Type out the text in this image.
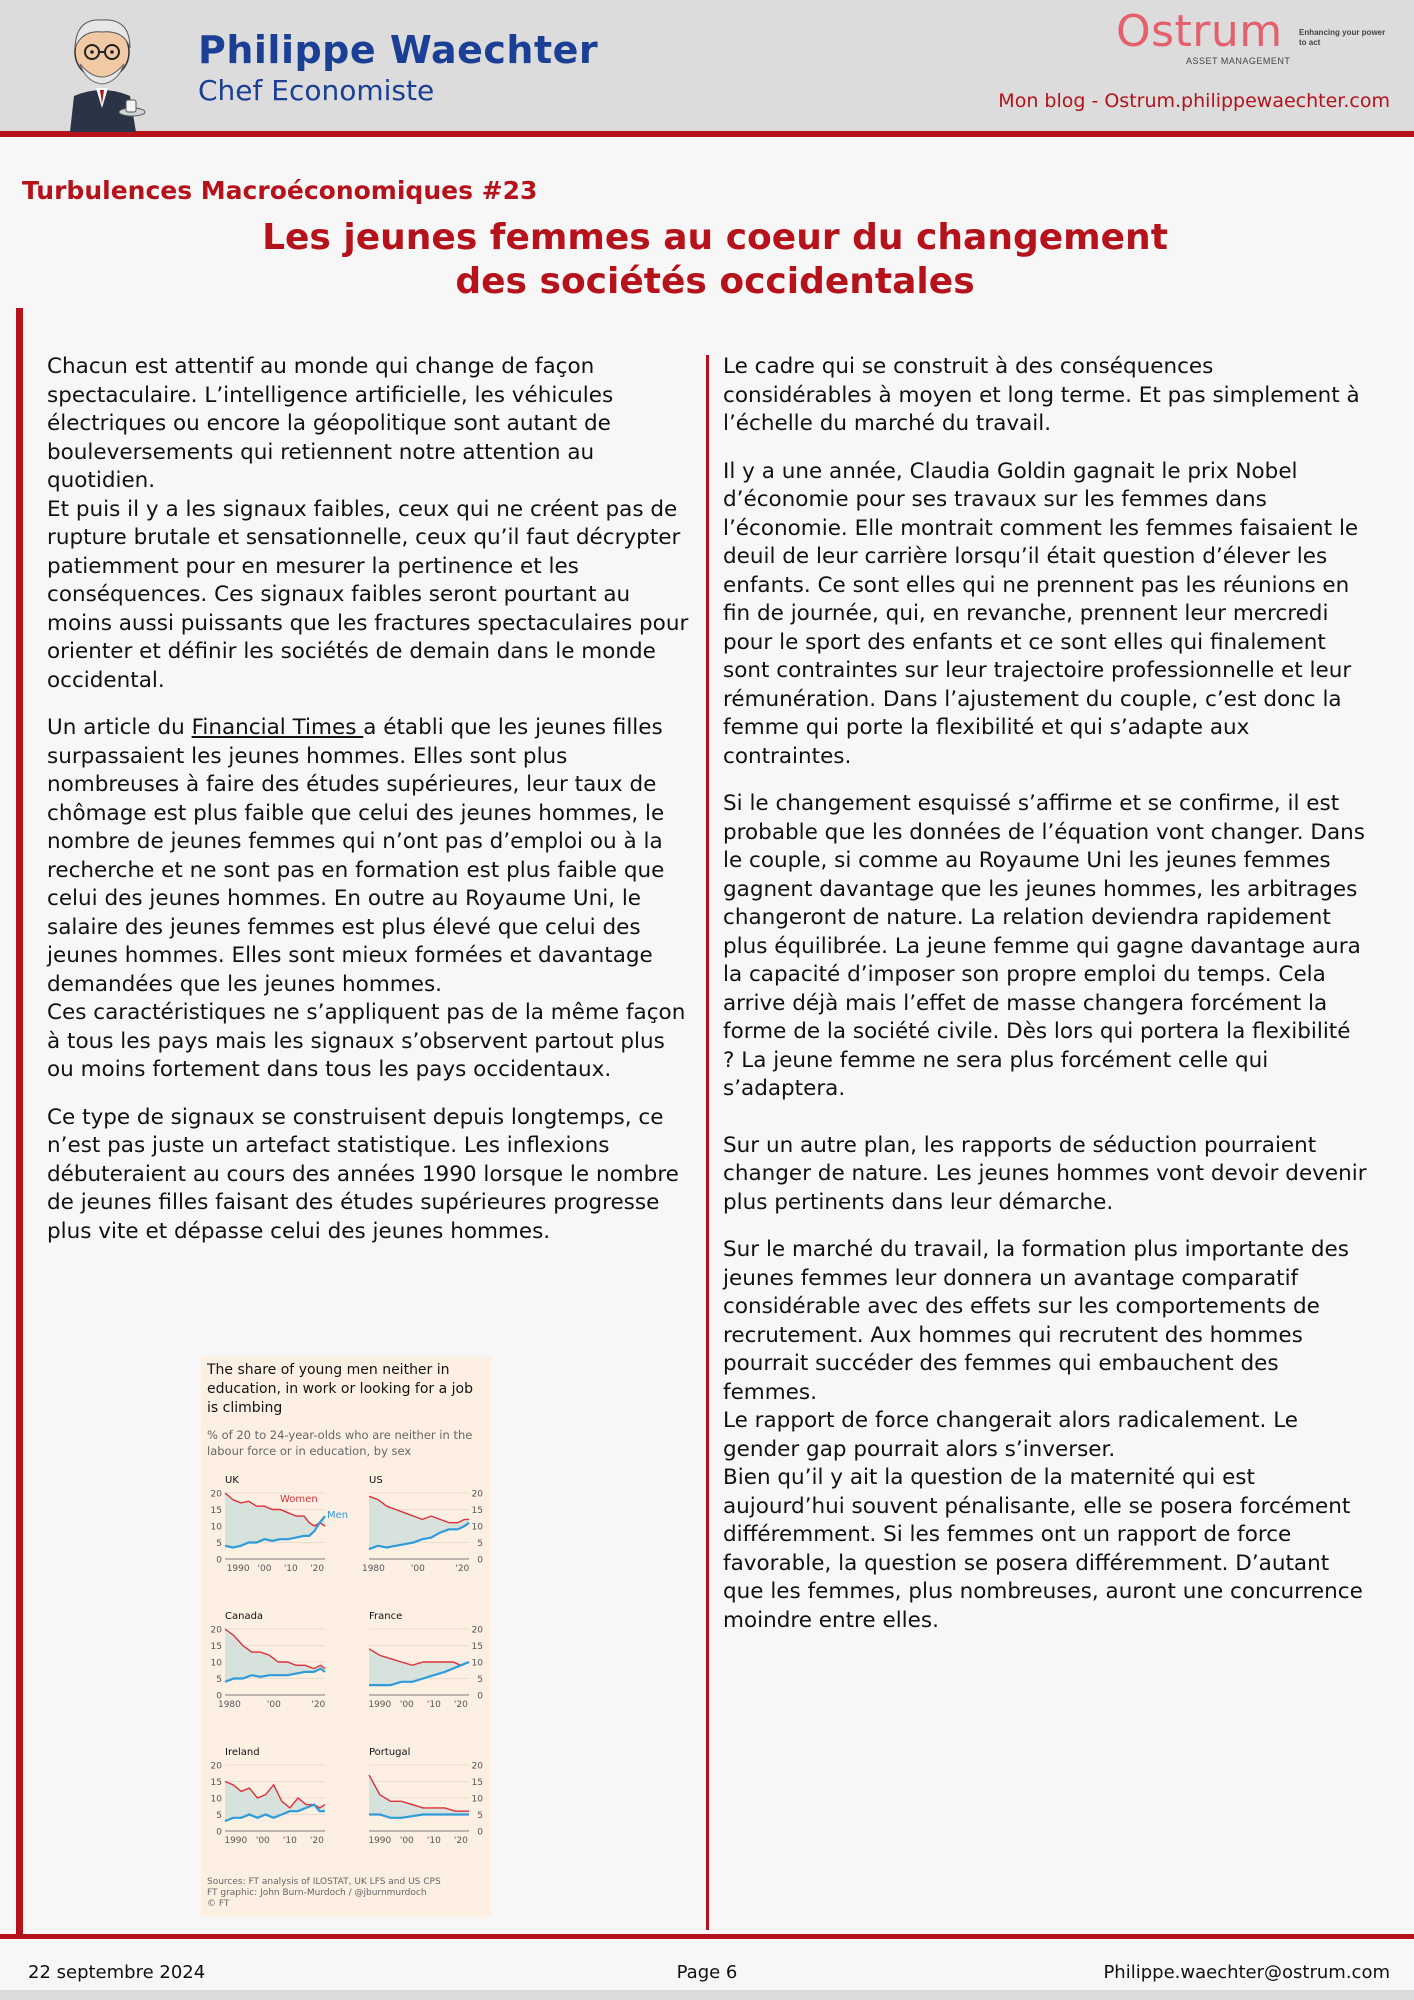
Philippe Waechter
Chef Economiste
Ostrum
ASSET MANAGEMENT
Enhancing your power to act
Mon blog - Ostrum.philippewaechter.com
Turbulences Macroéconomiques #23
Les jeunes femmes au coeur du changement
des sociétés occidentales

Chacun est attentif au monde qui change de façon spectaculaire. L’intelligence artificielle, les véhicules électriques ou encore la géopolitique sont autant de bouleversements qui retiennent notre attention au quotidien.

Et puis il y a les signaux faibles, ceux qui ne créent pas de rupture brutale et sensationnelle, ceux qu’il faut décrypter patiemment pour en mesurer la pertinence et les conséquences. Ces signaux faibles seront pourtant au moins aussi puissants que les fractures spectaculaires pour orienter et définir les sociétés de demain dans le monde occidental.

Un article du Financial Times a établi que les jeunes filles surpassaient les jeunes hommes. Elles sont plus nombreuses à faire des études supérieures, leur taux de chômage est plus faible que celui des jeunes hommes, le nombre de jeunes femmes qui n’ont pas d’emploi ou à la recherche et ne sont pas en formation est plus faible que celui des jeunes hommes. En outre au Royaume Uni, le salaire des jeunes femmes est plus élevé que celui des jeunes hommes. Elles sont mieux formées et davantage demandées que les jeunes hommes.

Ces caractéristiques ne s’appliquent pas de la même façon à tous les pays mais les signaux s’observent partout plus ou moins fortement dans tous les pays occidentaux.

Ce type de signaux se construisent depuis longtemps, ce n’est pas juste un artefact statistique. Les inflexions débuteraient au cours des années 1990 lorsque le nombre de jeunes filles faisant des études supérieures progresse plus vite et dépasse celui des jeunes hommes.

Le cadre qui se construit à des conséquences considérables à moyen et long terme. Et pas simplement à l’échelle du marché du travail.

Il y a une année, Claudia Goldin gagnait le prix Nobel d’économie pour ses travaux sur les femmes dans l’économie. Elle montrait comment les femmes faisaient le deuil de leur carrière lorsqu’il était question d’élever les enfants. Ce sont elles qui ne prennent pas les réunions en fin de journée, qui, en revanche, prennent leur mercredi pour le sport des enfants et ce sont elles qui finalement sont contraintes sur leur trajectoire professionnelle et leur rémunération. Dans l’ajustement du couple, c’est donc la femme qui porte la flexibilité et qui s’adapte aux contraintes.

Si le changement esquissé s’affirme et se confirme, il est probable que les données de l’équation vont changer. Dans le couple, si comme au Royaume Uni les jeunes femmes gagnent davantage que les jeunes hommes, les arbitrages changeront de nature. La relation deviendra rapidement plus équilibrée. La jeune femme qui gagne davantage aura la capacité d’imposer son propre emploi du temps. Cela arrive déjà mais l’effet de masse changera forcément la forme de la société civile. Dès lors qui portera la flexibilité ? La jeune femme ne sera plus forcément celle qui s’adaptera.

Sur un autre plan, les rapports de séduction pourraient changer de nature. Les jeunes hommes vont devoir devenir plus pertinents dans leur démarche.

Sur le marché du travail, la formation plus importante des jeunes femmes leur donnera un avantage comparatif considérable avec des effets sur les comportements de recrutement. Aux hommes qui recrutent des hommes pourrait succéder des femmes qui embauchent des femmes.

Le rapport de force changerait alors radicalement. Le gender gap pourrait alors s’inverser.

Bien qu’il y ait la question de la maternité qui est aujourd’hui souvent pénalisante, elle se posera forcément différemment. Si les femmes ont un rapport de force favorable, la question se posera différemment. D’autant que les femmes, plus nombreuses, auront une concurrence moindre entre elles.

The share of young men neither in education, in work or looking for a job is climbing
% of 20 to 24-year-olds who are neither in the labour force or in education, by sex
UK
20
15
10
5
0
1990 '00 '10 '20
Women
Men
US
20
15
10
5
0
1980	'00	'20
Canada
20
15
10
5
0
1980	'00	'20
France
20
15
10
5
0
1990 '00 '10 '20
Ireland
20
15
10
5
0
1990 '00 '10 '20
Portugal
20
15
10
5
0
1990 '00 '10 '20
Sources: FT analysis of ILOSTAT, UK LFS and US CPS
FT graphic: John Burn-Murdoch / @jburnmurdoch
© FT
22 septembre 2024	Page 6	Philippe.waechter@ostrum.com
